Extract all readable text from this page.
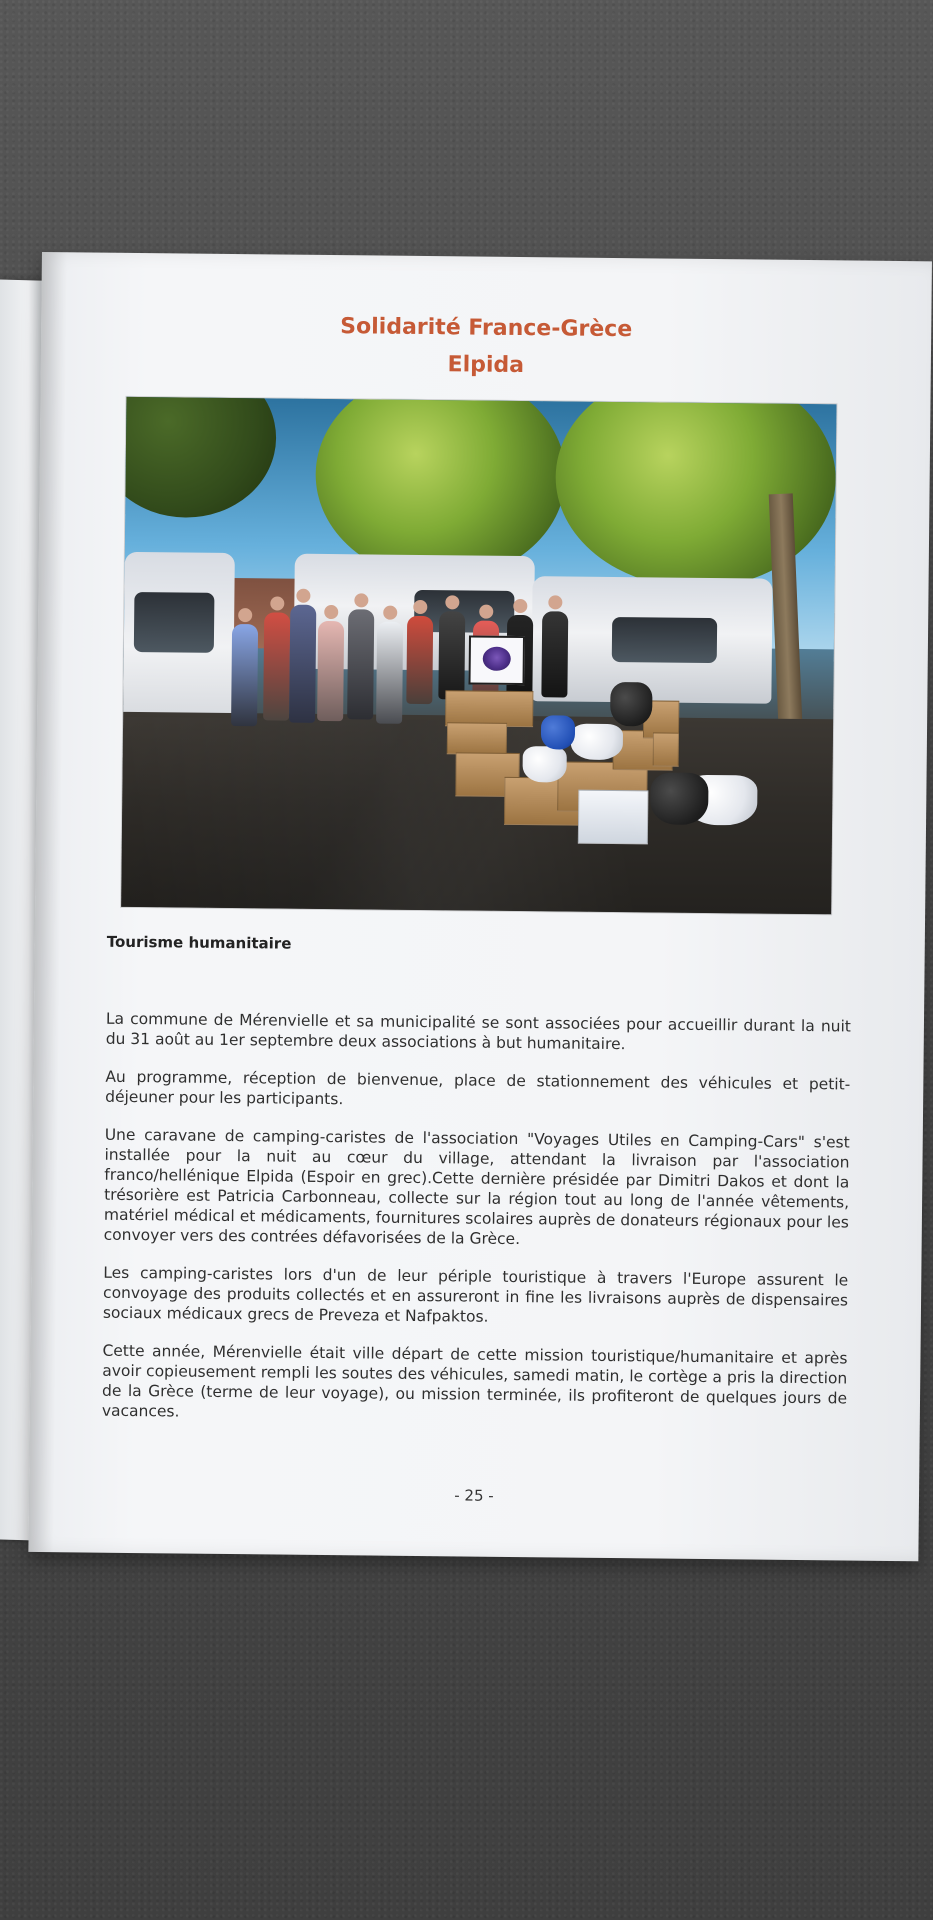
Solidarité France-Grèce
Elpida
Tourisme humanitaire

La commune de Mérenvielle et sa municipalité se sont associées pour accueillir durant la nuit du 31 août au 1er septembre deux associations à but humanitaire.

Au programme, réception de bienvenue, place de stationnement des véhicules et petit-déjeuner pour les participants.

Une caravane de camping-caristes de l'association "Voyages Utiles en Camping-Cars" s'est installée pour la nuit au cœur du village, attendant la livraison par l'association franco/hellénique Elpida (Espoir en grec).Cette dernière présidée par Dimitri Dakos et dont la trésorière est Patricia Carbonneau, collecte sur la région tout au long de l'année vêtements, matériel médical et médicaments, fournitures scolaires auprès de donateurs régionaux pour les convoyer vers des contrées défavorisées de la Grèce.

Les camping-caristes lors d'un de leur périple touristique à travers l'Europe assurent le convoyage des produits collectés et en assureront in fine les livraisons auprès de dispensaires sociaux médicaux grecs de Preveza et Nafpaktos.

Cette année, Mérenvielle était ville départ de cette mission touristique/humanitaire et après avoir copieusement rempli les soutes des véhicules, samedi matin, le cortège a pris la direction de la Grèce (terme de leur voyage), ou mission terminée, ils profiteront de quelques jours de vacances.

- 25 -
